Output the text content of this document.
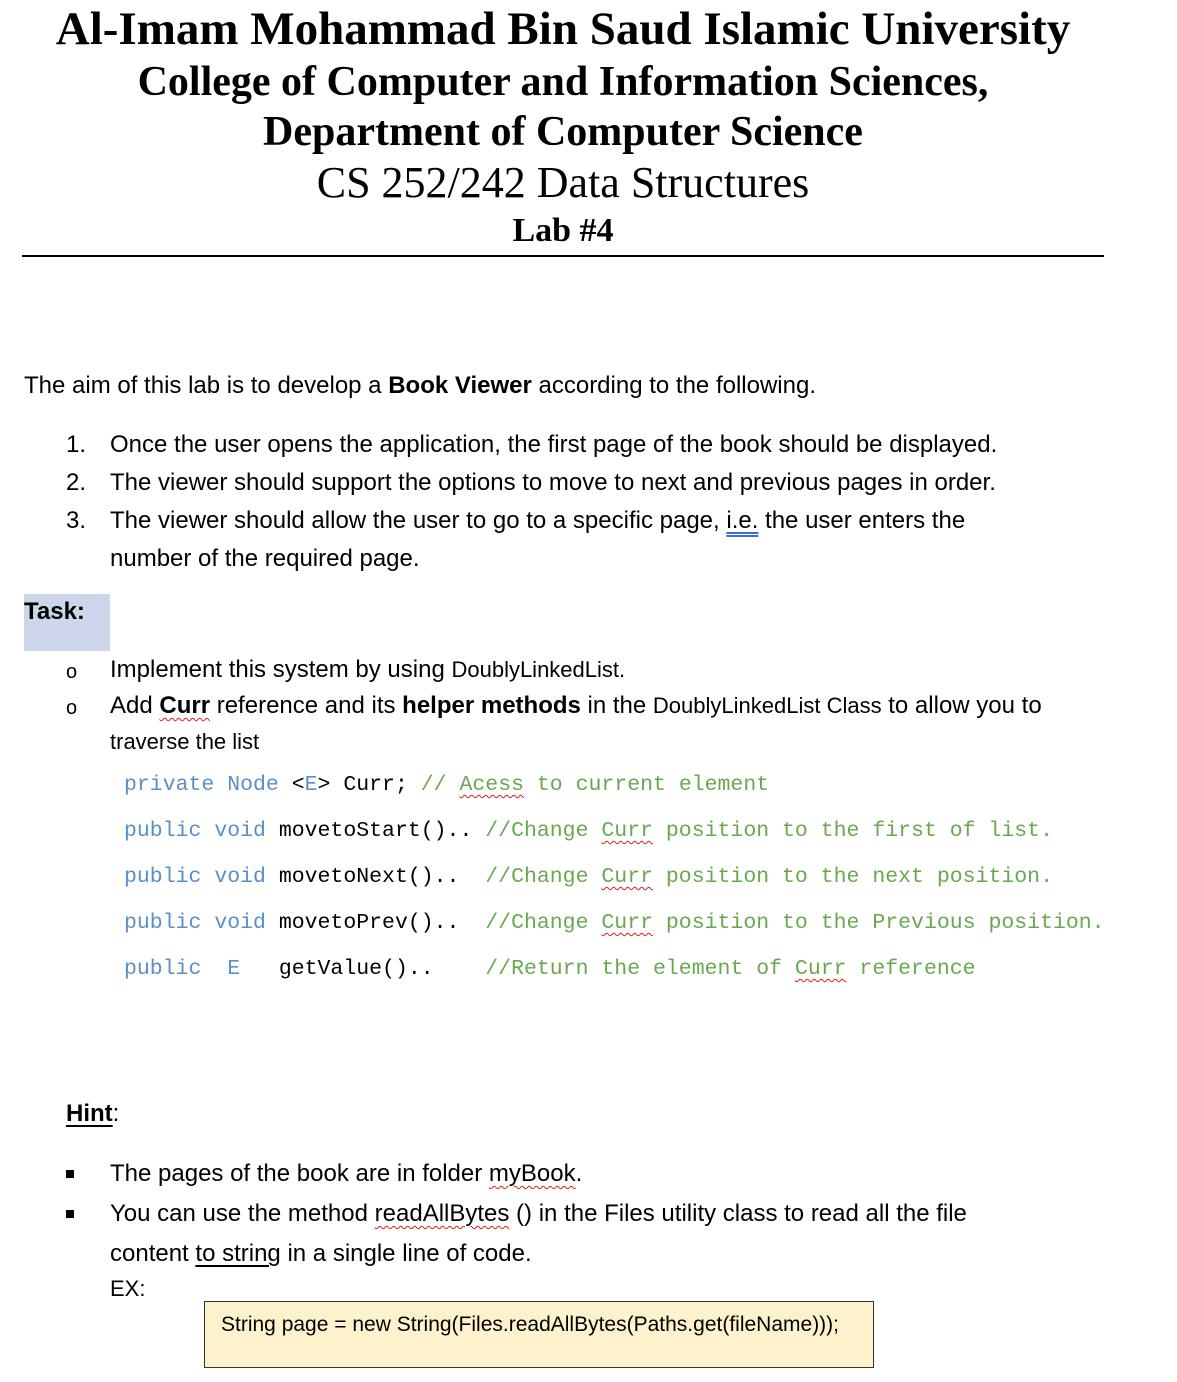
Al-Imam Mohammad Bin Saud Islamic University
College of Computer and Information Sciences,
Department of Computer Science
CS 252/242 Data Structures
Lab #4
The aim of this lab is to develop a Book Viewer according to the following.
1. Once the user opens the application, the first page of the book should be displayed.
2. The viewer should support the options to move to next and previous pages in order.
3. The viewer should allow the user to go to a specific page, i.e. the user enters the
number of the required page.
Task:
o Implement this system by using DoublyLinkedList.
o Add Curr reference and its helper methods in the DoublyLinkedList Class to allow you to
traverse the list
private Node <E> Curr; // Acess to current element
public void movetoStart().. //Change Curr position to the first of list.
public void movetoNext()..  //Change Curr position to the next position.
public void movetoPrev()..  //Change Curr position to the Previous position.
public  E   getValue()..    //Return the element of Curr reference
Hint:
The pages of the book are in folder myBook.
You can use the method readAllBytes () in the Files utility class to read all the file
content to string in a single line of code.
EX:
String page = new String(Files.readAllBytes(Paths.get(fileName)));
